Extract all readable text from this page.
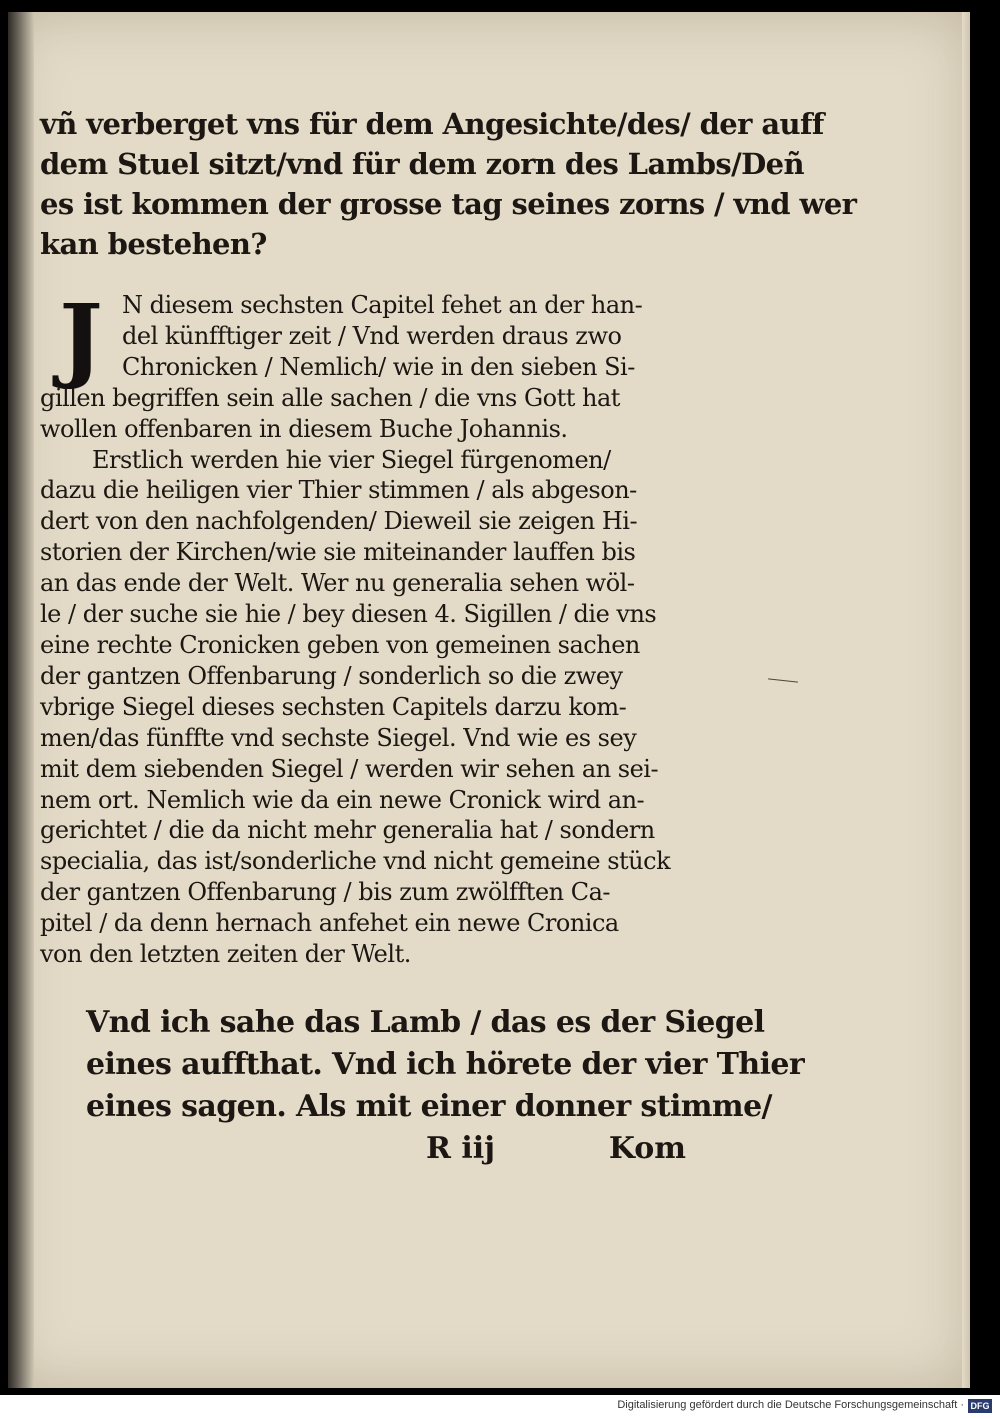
vñ verberget vns für dem Angesichte/des/ der auff

dem Stuel sitzt/vnd für dem zorn des Lambs/Deñ

es ist kommen der grosse tag seines zorns / vnd wer

kan bestehen?

J N diesem sechsten Capitel fehet an der han-

del künfftiger zeit / Vnd werden draus zwo

Chronicken / Nemlich/ wie in den sieben Si-

gillen begriffen sein alle sachen / die vns Gott hat

wollen offenbaren in diesem Buche Johannis.

Erstlich werden hie vier Siegel fürgenomen/

dazu die heiligen vier Thier stimmen / als abgeson-

dert von den nachfolgenden/ Dieweil sie zeigen Hi-

storien der Kirchen/wie sie miteinander lauffen bis

an das ende der Welt. Wer nu generalia sehen wöl-

le / der suche sie hie / bey diesen 4. Sigillen / die vns

eine rechte Cronicken geben von gemeinen sachen

der gantzen Offenbarung / sonderlich so die zwey

vbrige Siegel dieses sechsten Capitels darzu kom-

men/das fünffte vnd sechste Siegel. Vnd wie es sey

mit dem siebenden Siegel / werden wir sehen an sei-

nem ort. Nemlich wie da ein newe Cronick wird an-

gerichtet / die da nicht mehr generalia hat / sondern

specialia, das ist/sonderliche vnd nicht gemeine stück

der gantzen Offenbarung / bis zum zwölfften Ca-

pitel / da denn hernach anfehet ein newe Cronica

von den letzten zeiten der Welt.

Vnd ich sahe das Lamb / das es der Siegel

eines auffthat. Vnd ich hörete der vier Thier

eines sagen. Als mit einer donner stimme/

R iij	Kom
Digitalisierung gefördert durch die Deutsche Forschungsgemeinschaft · DFG
